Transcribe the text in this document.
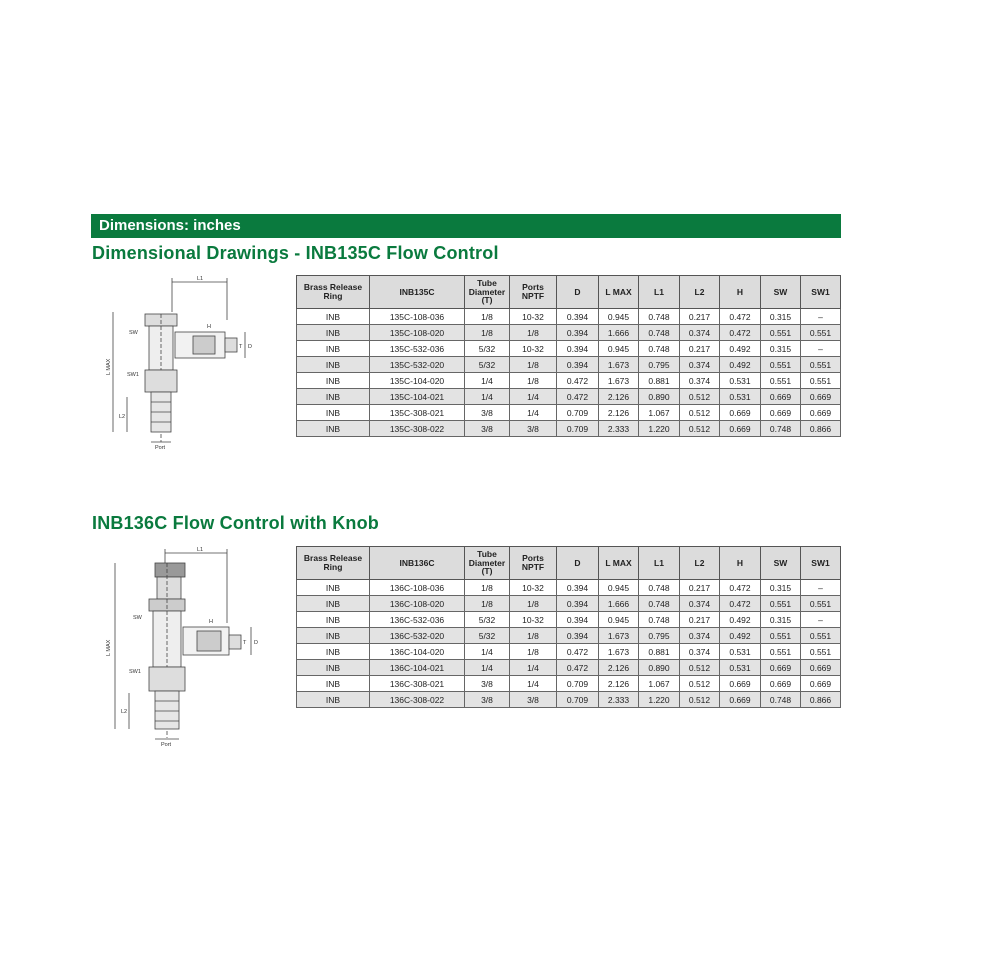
Dimensions: inches
Dimensional Drawings - INB135C Flow Control
L1
H
SW
SW1
L2
L MAX
Port
D
T
Brass Release Ring	INB135C	Tube Diameter (T)	Ports NPTF	D	L MAX	L1	L2	H	SW	SW1
INB	135C-108-036	1/8	10-32	0.394	0.945	0.748	0.217	0.472	0.315	–
INB	135C-108-020	1/8	1/8	0.394	1.666	0.748	0.374	0.472	0.551	0.551
INB	135C-532-036	5/32	10-32	0.394	0.945	0.748	0.217	0.492	0.315	–
INB	135C-532-020	5/32	1/8	0.394	1.673	0.795	0.374	0.492	0.551	0.551
INB	135C-104-020	1/4	1/8	0.472	1.673	0.881	0.374	0.531	0.551	0.551
INB	135C-104-021	1/4	1/4	0.472	2.126	0.890	0.512	0.531	0.669	0.669
INB	135C-308-021	3/8	1/4	0.709	2.126	1.067	0.512	0.669	0.669	0.669
INB	135C-308-022	3/8	3/8	0.709	2.333	1.220	0.512	0.669	0.748	0.866
INB136C Flow Control with Knob
L1
H
SW
SW1
L2
L MAX
Port
D
T
Brass Release Ring	INB136C	Tube Diameter (T)	Ports NPTF	D	L MAX	L1	L2	H	SW	SW1
INB	136C-108-036	1/8	10-32	0.394	0.945	0.748	0.217	0.472	0.315	–
INB	136C-108-020	1/8	1/8	0.394	1.666	0.748	0.374	0.472	0.551	0.551
INB	136C-532-036	5/32	10-32	0.394	0.945	0.748	0.217	0.492	0.315	–
INB	136C-532-020	5/32	1/8	0.394	1.673	0.795	0.374	0.492	0.551	0.551
INB	136C-104-020	1/4	1/8	0.472	1.673	0.881	0.374	0.531	0.551	0.551
INB	136C-104-021	1/4	1/4	0.472	2.126	0.890	0.512	0.531	0.669	0.669
INB	136C-308-021	3/8	1/4	0.709	2.126	1.067	0.512	0.669	0.669	0.669
INB	136C-308-022	3/8	3/8	0.709	2.333	1.220	0.512	0.669	0.748	0.866
